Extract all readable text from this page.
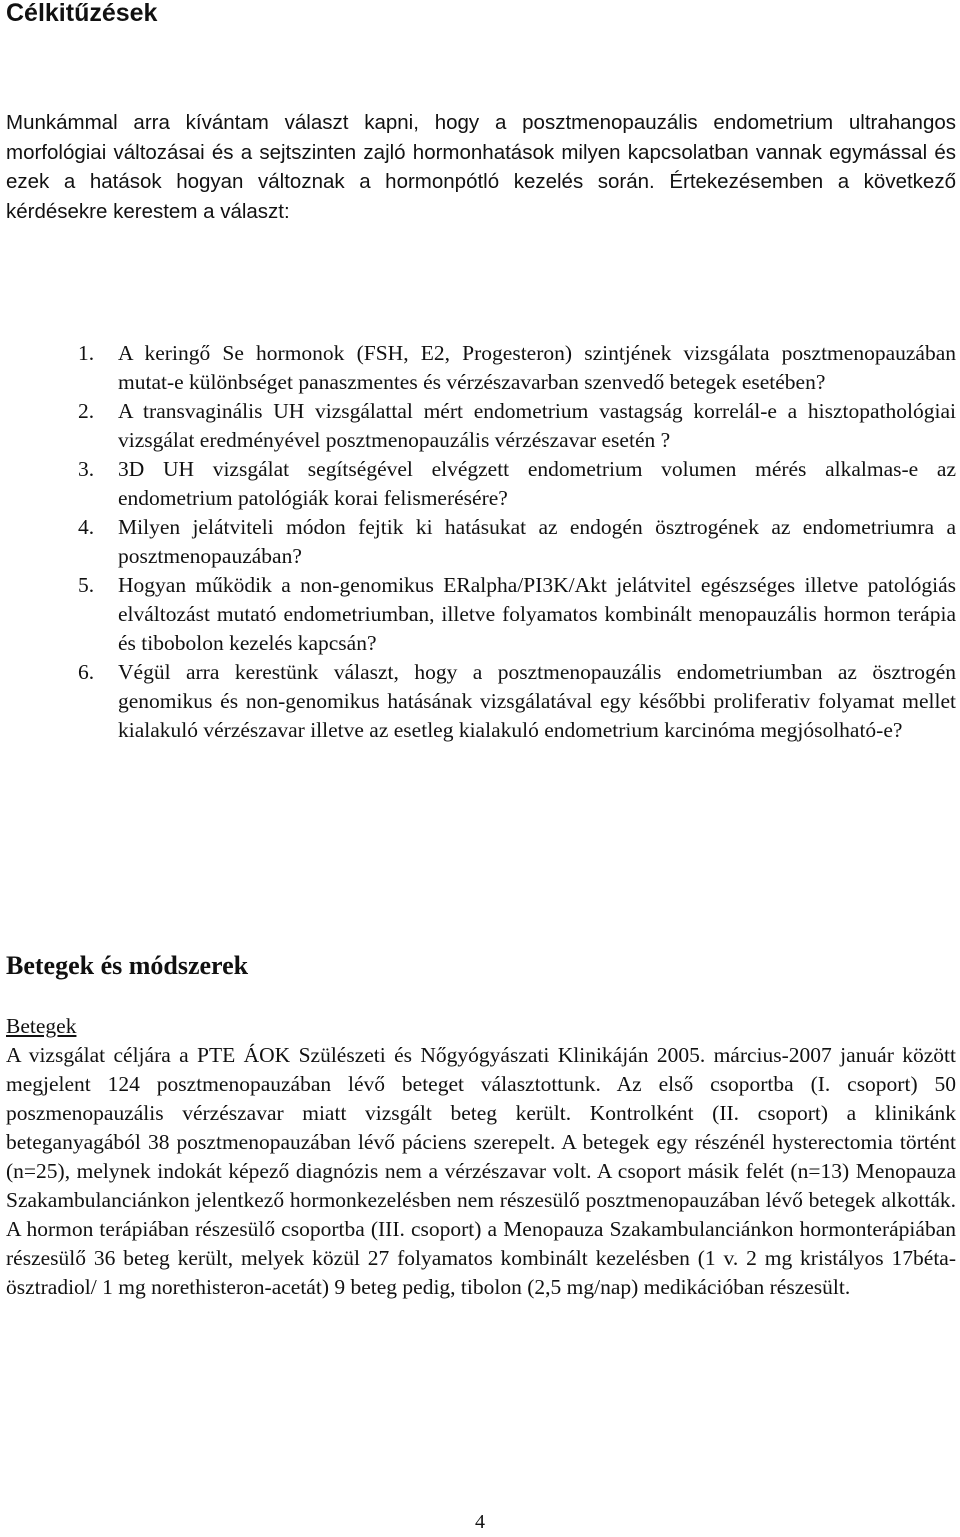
Célkitűzések

Munkámmal arra kívántam választ kapni, hogy a posztmenopauzális endometrium ultrahangos morfológiai változásai és a sejtszinten zajló hormonhatások milyen kapcsolatban vannak egymással és ezek a hatások hogyan változnak a hormonpótló kezelés során. Értekezésemben a következő kérdésekre kerestem a választ:

1. A keringő Se hormonok (FSH, E2, Progesteron) szintjének vizsgálata posztmenopauzában mutat-e különbséget panaszmentes és vérzészavarban szenvedő betegek esetében?
2. A transvaginális UH vizsgálattal mért endometrium vastagság korrelál-e a hisztopathológiai vizsgálat eredményével posztmenopauzális vérzészavar esetén ?
3. 3D UH vizsgálat segítségével elvégzett endometrium volumen mérés alkalmas-e az endometrium patológiák korai felismerésére?
4. Milyen jelátviteli módon fejtik ki hatásukat az endogén ösztrogének az endometriumra a posztmenopauzában?
5. Hogyan működik a non-genomikus ERalpha/PI3K/Akt jelátvitel egészséges illetve patológiás elváltozást mutató endometriumban, illetve folyamatos kombinált menopauzális hormon terápia és tibobolon kezelés kapcsán?
6. Végül arra kerestünk választ, hogy a posztmenopauzális endometriumban az ösztrogén genomikus és non-genomikus hatásának vizsgálatával egy későbbi proliferativ folyamat mellet kialakuló vérzészavar illetve az esetleg kialakuló endometrium karcinóma megjósolható-e?
Betegek és módszerek

Betegek

A vizsgálat céljára a PTE ÁOK Szülészeti és Nőgyógyászati Klinikáján 2005. március-2007 január között megjelent 124 posztmenopauzában lévő beteget választottunk. Az első csoportba (I. csoport) 50 poszmenopauzális vérzészavar miatt vizsgált beteg került. Kontrolként (II. csoport) a klinikánk beteganyagából 38 posztmenopauzában lévő páciens szerepelt. A betegek egy részénél hysterectomia történt (n=25), melynek indokát képező diagnózis nem a vérzészavar volt. A csoport másik felét (n=13) Menopauza Szakambulanciánkon jelentkező hormonkezelésben nem részesülő posztmenopauzában lévő betegek alkották. A hormon terápiában részesülő csoportba (III. csoport) a Menopauza Szakambulanciánkon hormonterápiában részesülő 36 beteg került, melyek közül 27 folyamatos kombinált kezelésben (1 v. 2 mg kristályos 17béta-ösztradiol/ 1 mg norethisteron-acetát) 9 beteg pedig, tibolon (2,5 mg/nap) medikációban részesült.

4
